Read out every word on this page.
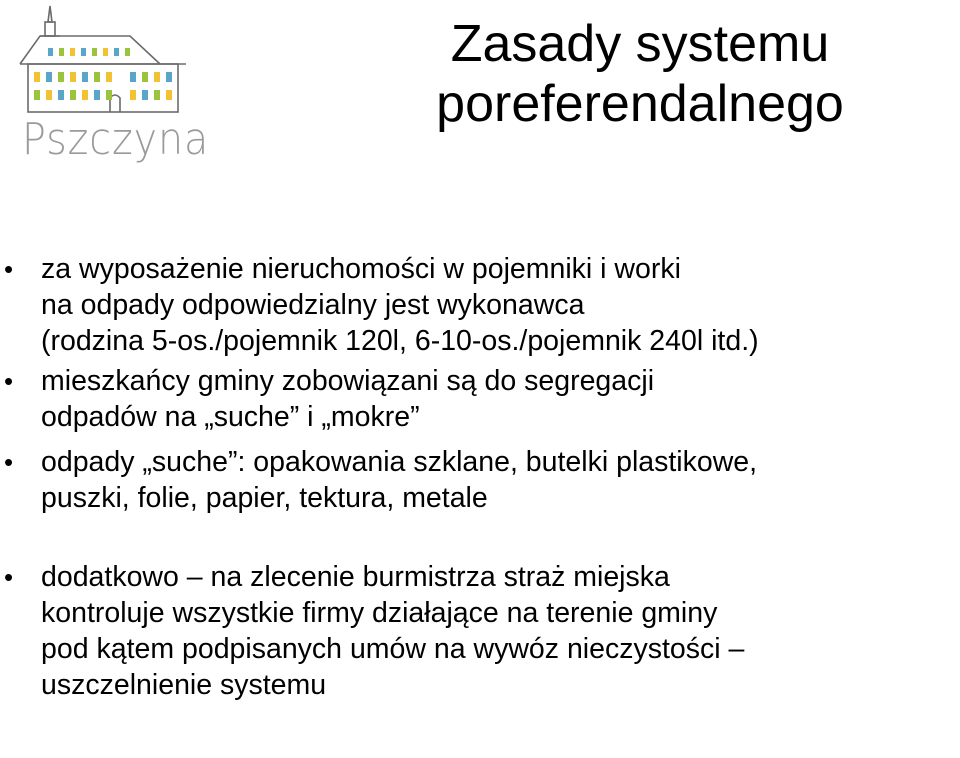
Pszczyna
Zasady systemu
poreferendalnego
• za wyposażenie nieruchomości w pojemniki i worki
na odpady odpowiedzialny jest wykonawca
(rodzina 5-os./pojemnik 120l, 6-10-os./pojemnik 240l itd.)
• mieszkańcy gminy zobowiązani są do segregacji
odpadów na „suche” i „mokre”
• odpady „suche”: opakowania szklane, butelki plastikowe,
puszki, folie, papier, tektura, metale
• dodatkowo – na zlecenie burmistrza straż miejska
kontroluje wszystkie firmy działające na terenie gminy
pod kątem podpisanych umów na wywóz nieczystości –
uszczelnienie systemu
